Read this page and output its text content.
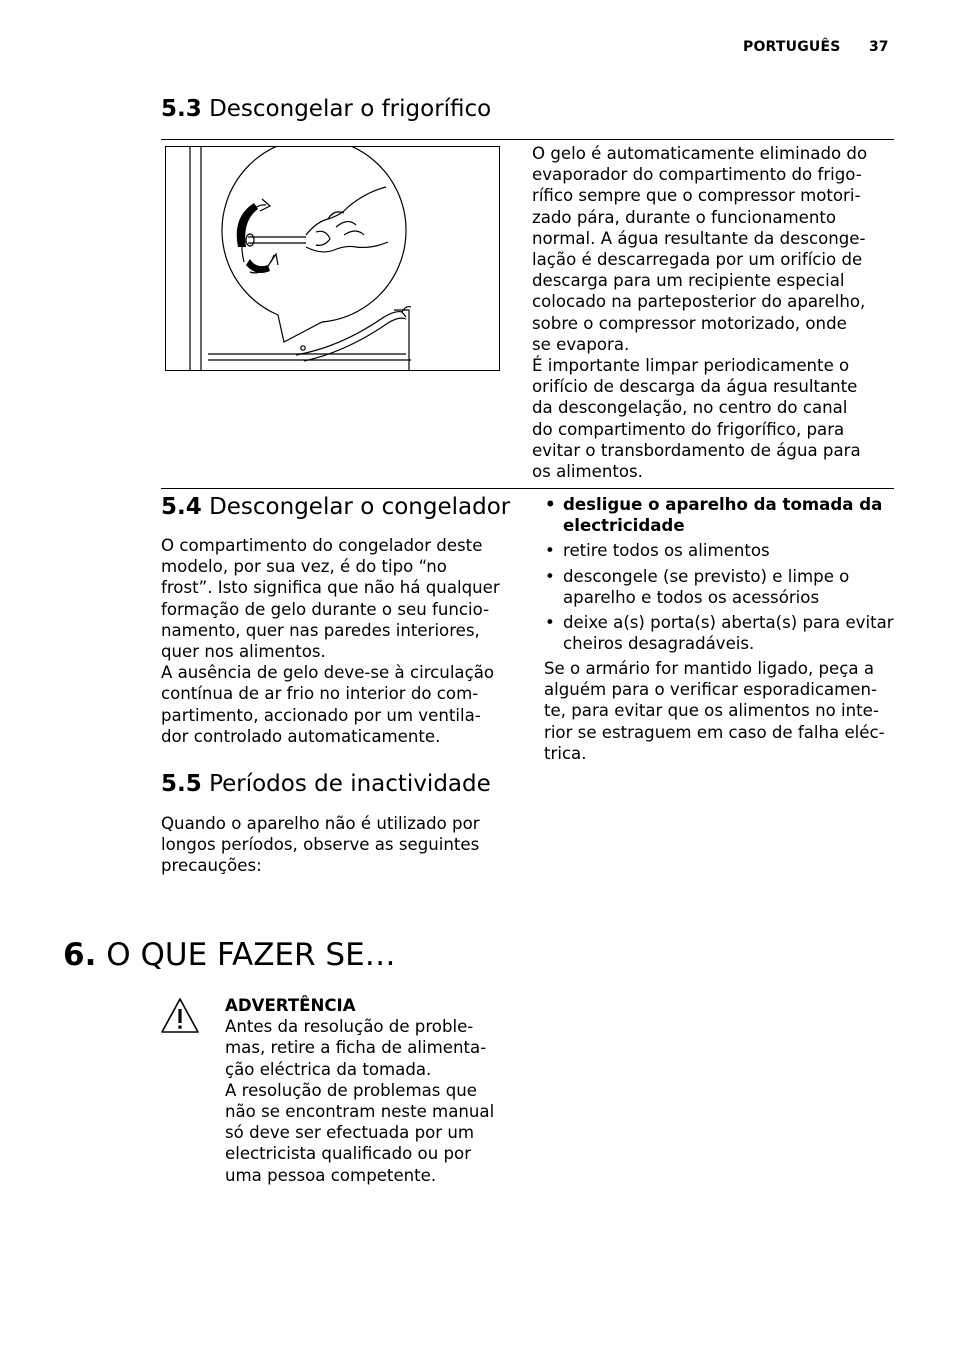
PORTUGUÊS 37
5.3 Descongelar o frigorífico

O gelo é automaticamente eliminado do

evaporador do compartimento do frigo-

rífico sempre que o compressor motori-

zado pára, durante o funcionamento

normal. A água resultante da desconge-

lação é descarregada por um orifício de

descarga para um recipiente especial

colocado na parteposterior do aparelho,

sobre o compressor motorizado, onde

se evapora.

É importante limpar periodicamente o

orifício de descarga da água resultante

da descongelação, no centro do canal

do compartimento do frigorífico, para

evitar o transbordamento de água para

os alimentos.

5.4 Descongelar o congelador

O compartimento do congelador deste

modelo, por sua vez, é do tipo “no

frost”. Isto significa que não há qualquer

formação de gelo durante o seu funcio-

namento, quer nas paredes interiores,

quer nos alimentos.

A ausência de gelo deve-se à circulação

contínua de ar frio no interior do com-

partimento, accionado por um ventila-

dor controlado automaticamente.

5.5 Períodos de inactividade

Quando o aparelho não é utilizado por

longos períodos, observe as seguintes

precauções:

• desligue o aparelho da tomada da
electricidade
• retire todos os alimentos
• descongele (se previsto) e limpe o
aparelho e todos os acessórios
• deixe a(s) porta(s) aberta(s) para evitar
cheiros desagradáveis.

Se o armário for mantido ligado, peça a

alguém para o verificar esporadicamen-

te, para evitar que os alimentos no inte-

rior se estraguem em caso de falha eléc-

trica.

6. O QUE FAZER SE…

ADVERTÊNCIA

Antes da resolução de proble-

mas, retire a ficha de alimenta-

ção eléctrica da tomada.

A resolução de problemas que

não se encontram neste manual

só deve ser efectuada por um

electricista qualificado ou por

uma pessoa competente.
